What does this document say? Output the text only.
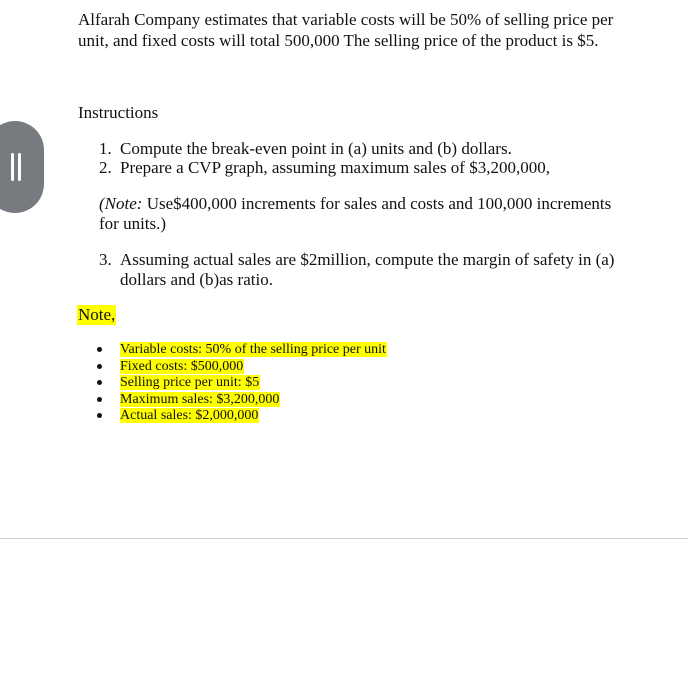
Alfarah Company estimates that variable costs will be 50% of selling price per
unit, and fixed costs will total 500,000 The selling price of the product is $5.

Instructions

1. Compute the break-even point in (a) units and (b) dollars.
2. Prepare a CVP graph, assuming maximum sales of $3,200,000,

(Note: Use$400,000 increments for sales and costs and 100,000 increments
for units.)

3. Assuming actual sales are $2million, compute the margin of safety in (a)
dollars and (b)as ratio.

Note,

Variable costs: 50% of the selling price per unit
Fixed costs: $500,000
Selling price per unit: $5
Maximum sales: $3,200,000
Actual sales: $2,000,000
